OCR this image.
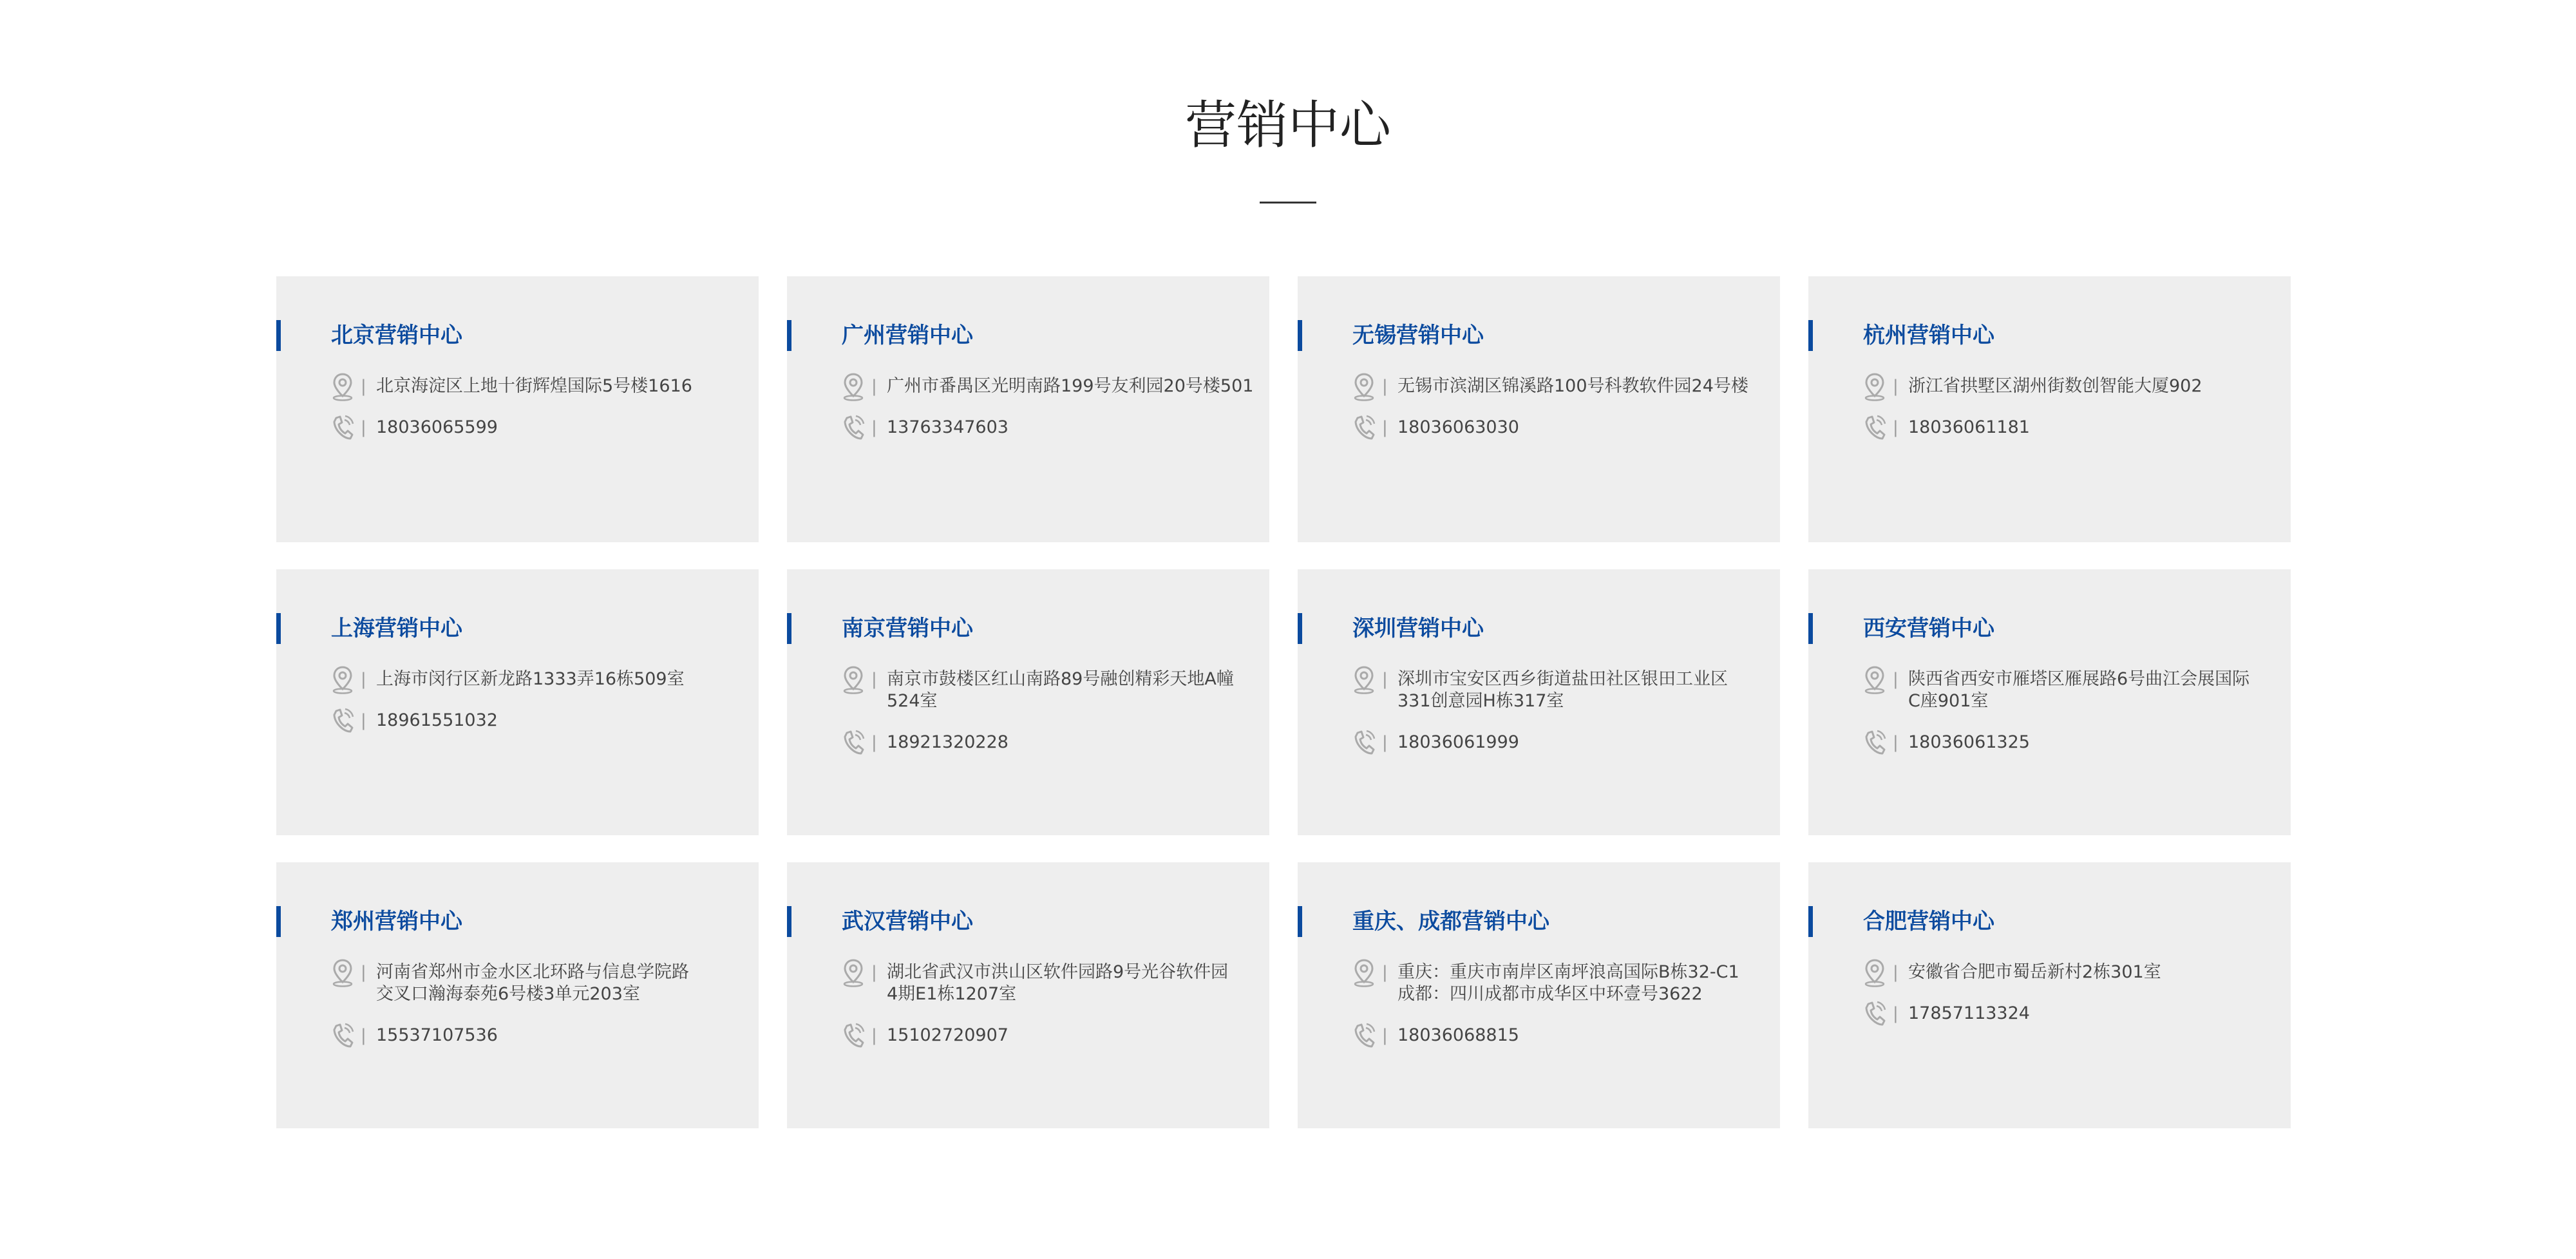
营销中心
北京营销中心
| 北京海淀区上地十街辉煌国际5号楼1616
| 18036065599
广州营销中心
| 广州市番禺区光明南路199号友利园20号楼501
| 13763347603
无锡营销中心
| 无锡市滨湖区锦溪路100号科教软件园24号楼
| 18036063030
杭州营销中心
| 浙江省拱墅区湖州街数创智能大厦902
| 18036061181
上海营销中心
| 上海市闵行区新龙路1333弄16栋509室
| 18961551032
南京营销中心
| 南京市鼓楼区红山南路89号融创精彩天地A幢
524室
| 18921320228
深圳营销中心
| 深圳市宝安区西乡街道盐田社区银田工业区
331创意园H栋317室
| 18036061999
西安营销中心
| 陕西省西安市雁塔区雁展路6号曲江会展国际
C座901室
| 18036061325
郑州营销中心
| 河南省郑州市金水区北环路与信息学院路
交叉口瀚海泰苑6号楼3单元203室
| 15537107536
武汉营销中心
| 湖北省武汉市洪山区软件园路9号光谷软件园
4期E1栋1207室
| 15102720907
重庆、成都营销中心
| 重庆：重庆市南岸区南坪浪高国际B栋32-C1
成都：四川成都市成华区中环壹号3622
| 18036068815
合肥营销中心
| 安徽省合肥市蜀岳新村2栋301室
| 17857113324
